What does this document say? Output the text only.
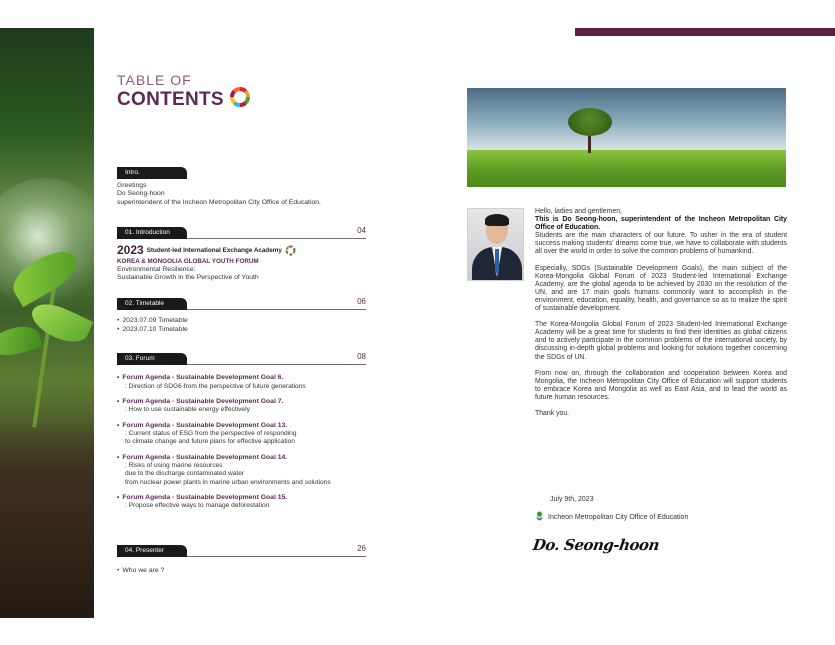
TABLE OF
CONTENTS
Intro.
Greetings
Do Seong-hoon
superintendent of the Incheon Metropolitan City Office of Education.
01. Introduction	04
2023 Student-led International Exchange Academy
KOREA & MONGOLIA GLOBAL YOUTH FORUM
Environmental Resilience:
Sustainable Growth in the Perspective of Youth
02. Timetable	06
• 2023.07.09 Timetable
• 2023.07.10 Timetable
03. Forum	08
• Forum Agenda - Sustainable Development Goal 6.
: Direction of SDG6 from the perspective of future generations
• Forum Agenda - Sustainable Development Goal 7.
: How to use sustainable energy effectively
• Forum Agenda - Sustainable Development Goal 13.
: Current status of ESG from the perspective of responding
to climate change and future plans for effective application
• Forum Agenda - Sustainable Development Goal 14.
: Risks of using marine resources
due to the discharge contaminated water
from nuclear power plants in marine urban environments and solutions
• Forum Agenda - Sustainable Development Goal 15.
: Propose effective ways to manage deforestation
04. Presenter	26
• Who we are ?
Hello, ladies and gentlemen,
This is Do Seong-hoon, superintendent of the Incheon Metropolitan City Office of Education.

Students are the main characters of our future. To usher in the era of student success making students' dreams come true, we have to collaborate with students all over the world in order to solve the common problems of humankind.

Especially, SDGs (Sustainable Development Goals), the main subject of the Korea-Mongolia Global Forum of 2023 Student-led International Exchange Academy, are the global agenda to be achieved by 2030 on the resolution of the UN, and are 17 main goals humans commonly want to accomplish in the environment, education, equality, health, and governance so as to realize the spirit of sustainable development.

The Korea-Mongolia Global Forum of 2023 Student-led International Exchange Academy will be a great time for students to find their identities as global citizens and to actively participate in the common problems of the international society, by discussing in-depth global problems and looking for solutions together concerning the SDGs of UN.

From now on, through the collaboration and cooperation between Korea and Mongolia, the Incheon Metropolitan City Office of Education will support students to embrace Korea and Mongolia as well as East Asia, and to lead the world as future human resources.

Thank you.
July 9th, 2023
Incheon Metropolitan City Office of Education
Do. Seong-hoon
